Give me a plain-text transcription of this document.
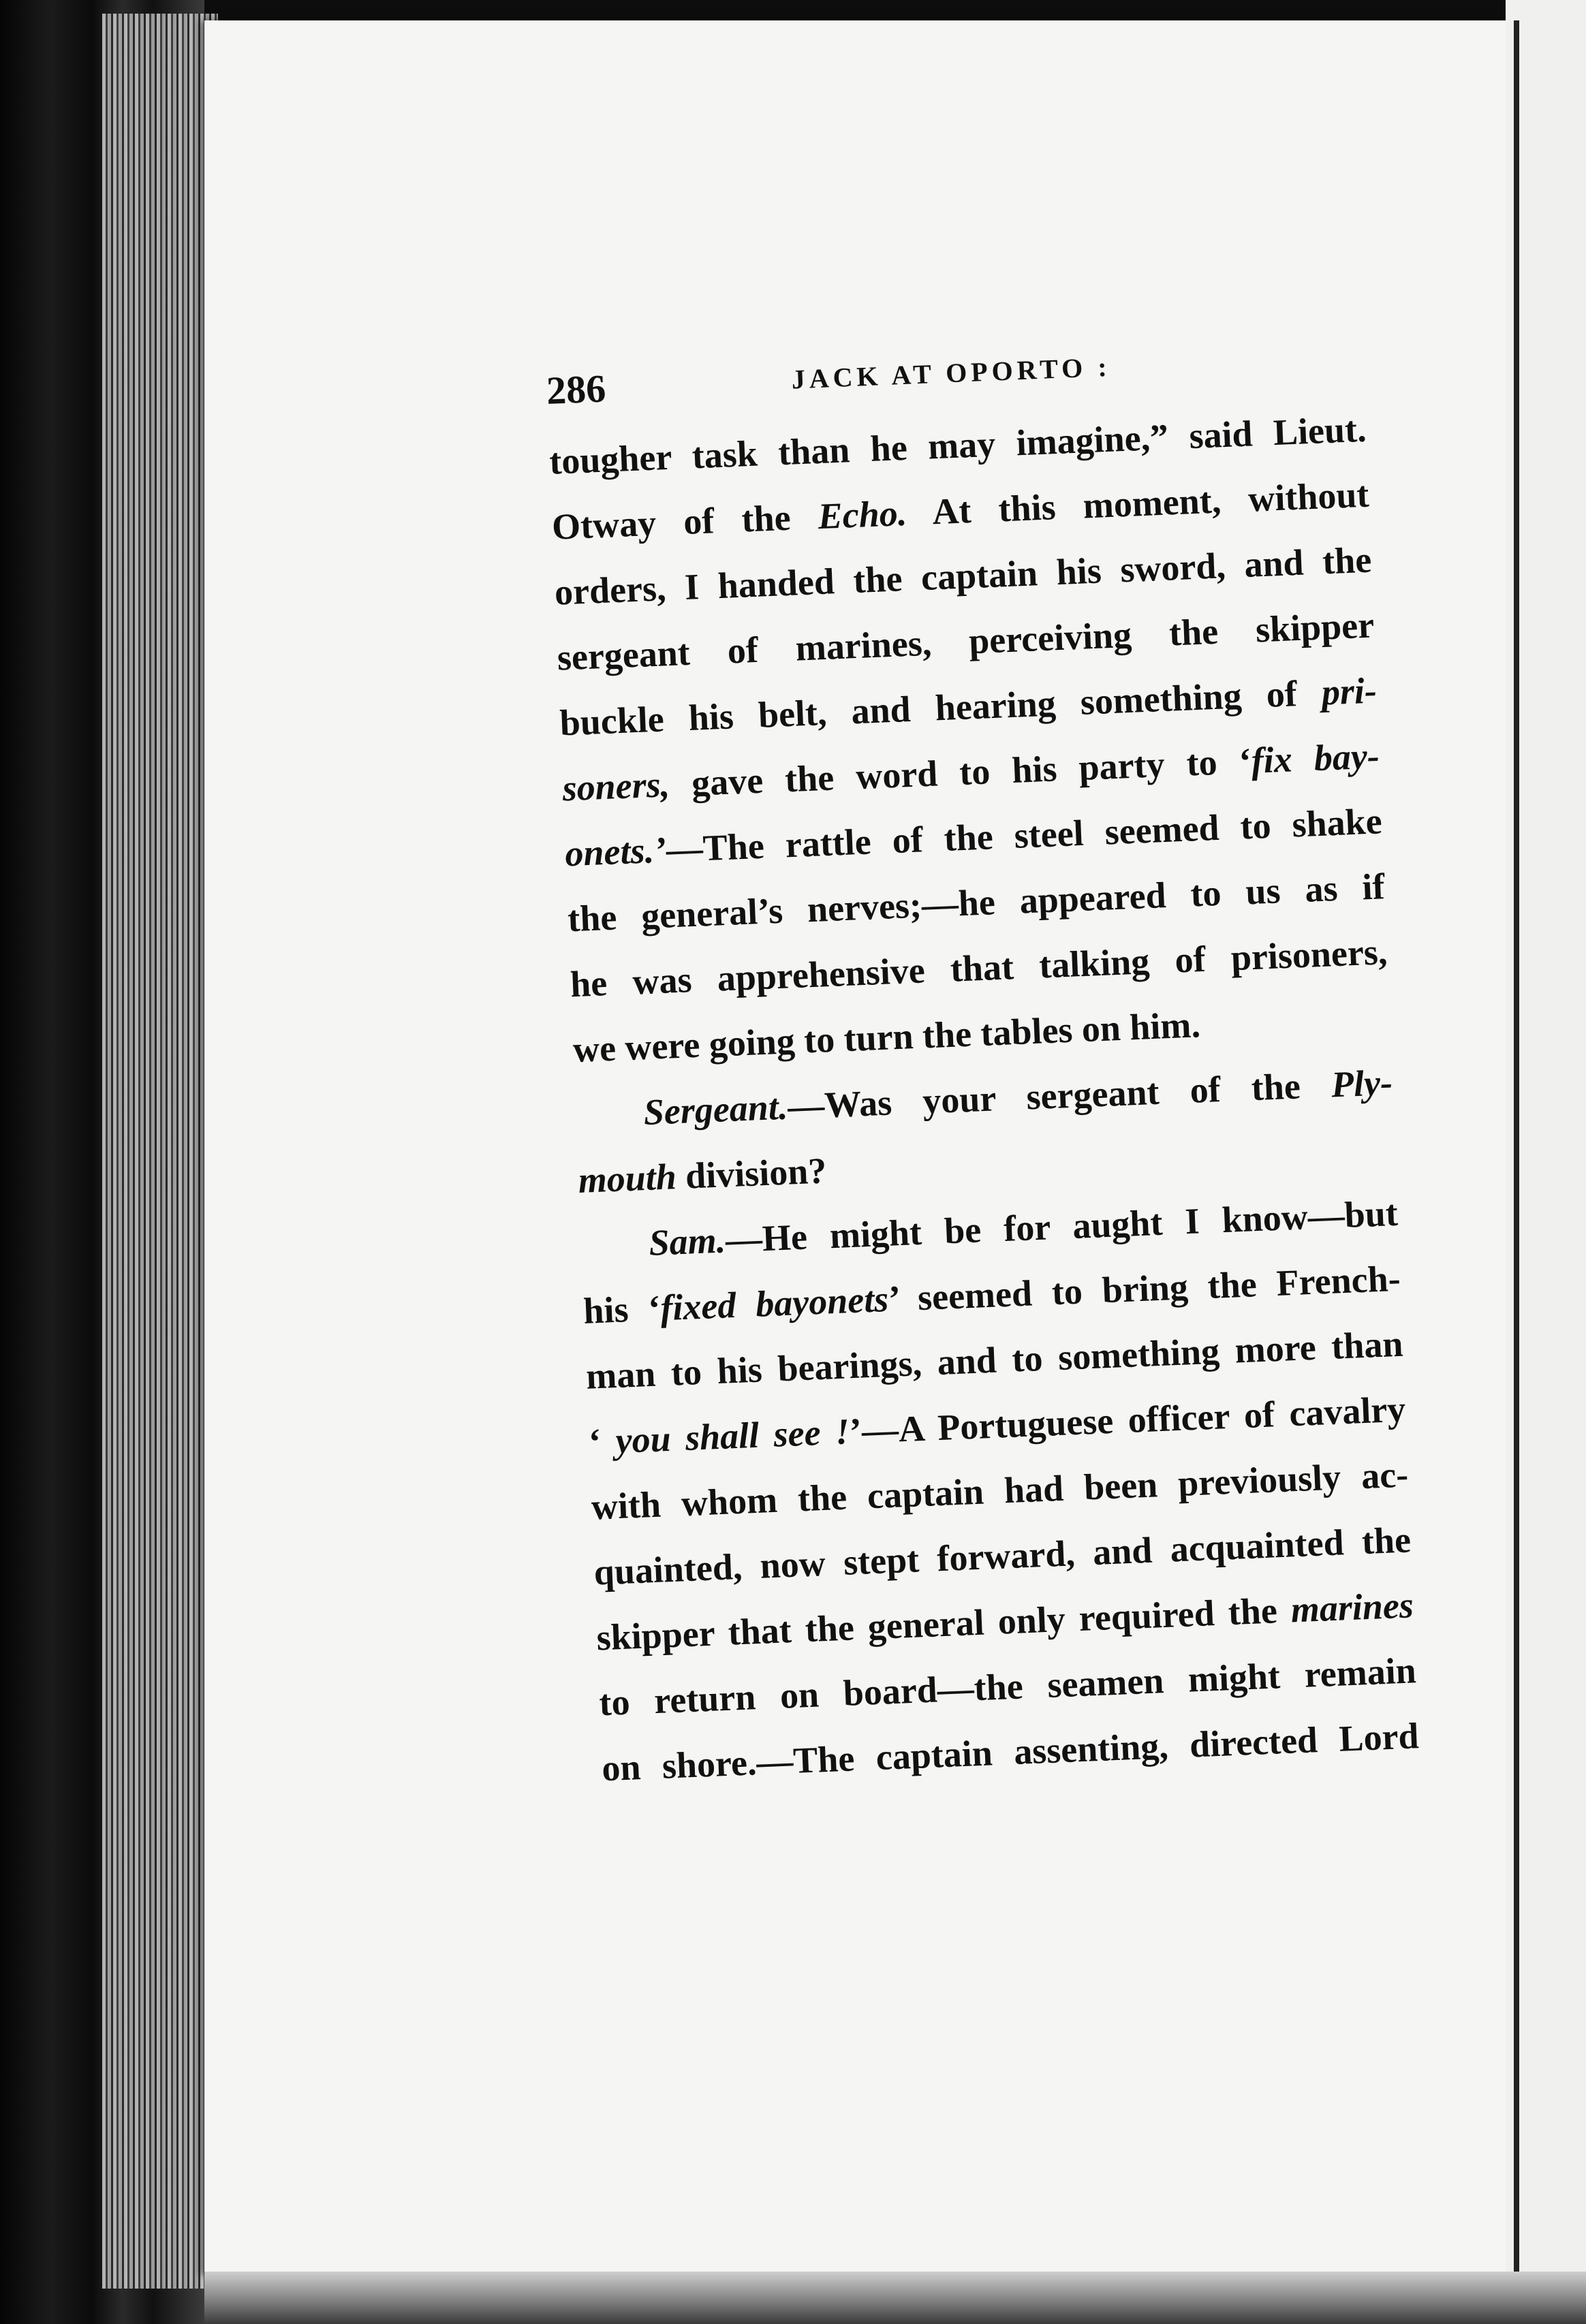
286	JACK AT OPORTO :
tougher task than he may imagine,” said Lieut.
Otway of the Echo. At this moment, without
orders, I handed the captain his sword, and the
sergeant of marines, perceiving the skipper
buckle his belt, and hearing something of pri-
soners, gave the word to his party to ‘fix bay-
onets.’—The rattle of the steel seemed to shake
the general’s nerves;—he appeared to us as if
he was apprehensive that talking of prisoners,
we were going to turn the tables on him.
Sergeant.—Was your sergeant of the Ply-
mouth division?
Sam.—He might be for aught I know—but
his ‘fixed bayonets’ seemed to bring the French-
man to his bearings, and to something more than
‘ you shall see !’—A Portuguese officer of cavalry
with whom the captain had been previously ac-
quainted, now stept forward, and acquainted the
skipper that the general only required the marines
to return on board—the seamen might remain
on shore.—The captain assenting, directed Lord
